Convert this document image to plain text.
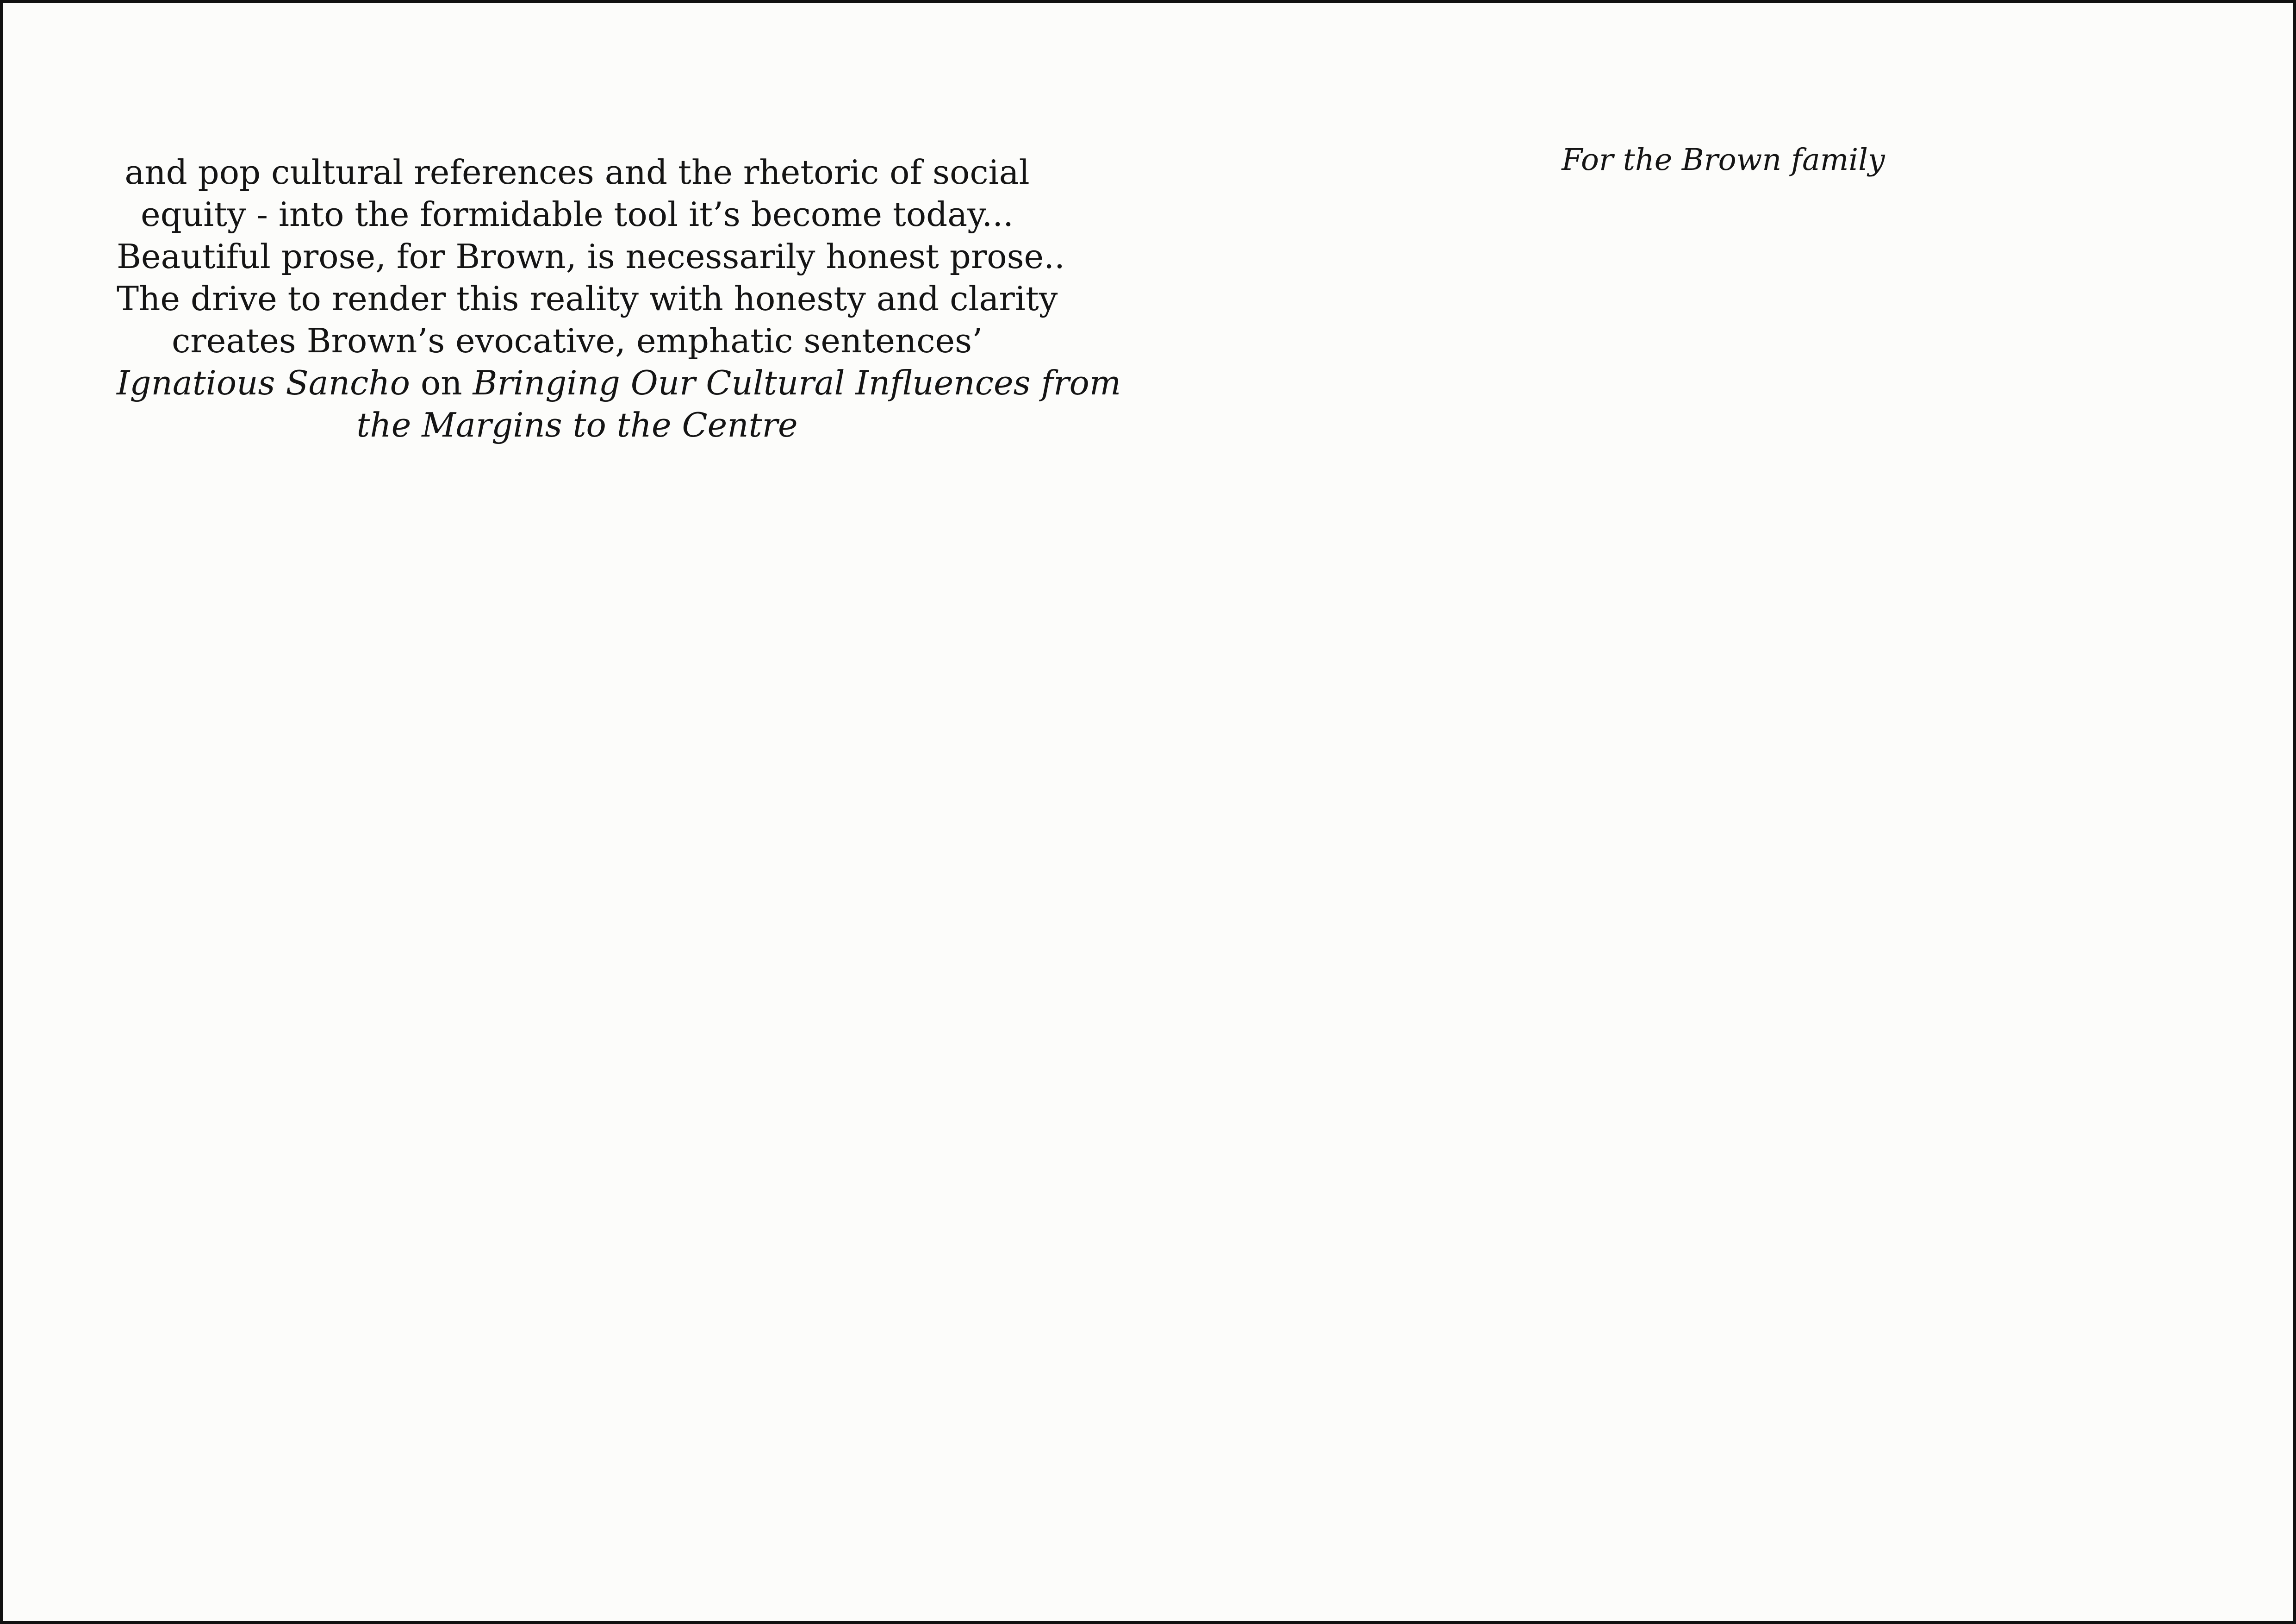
and pop cultural references and the rhetoric of social
equity - into the formidable tool it’s become today...
Beautiful prose, for Brown, is necessarily honest prose..
The drive to render this reality with honesty and clarity
creates Brown’s evocative, emphatic sentences’
Ignatious Sancho on Bringing Our Cultural Influences from
the Margins to the Centre
For the Brown family
